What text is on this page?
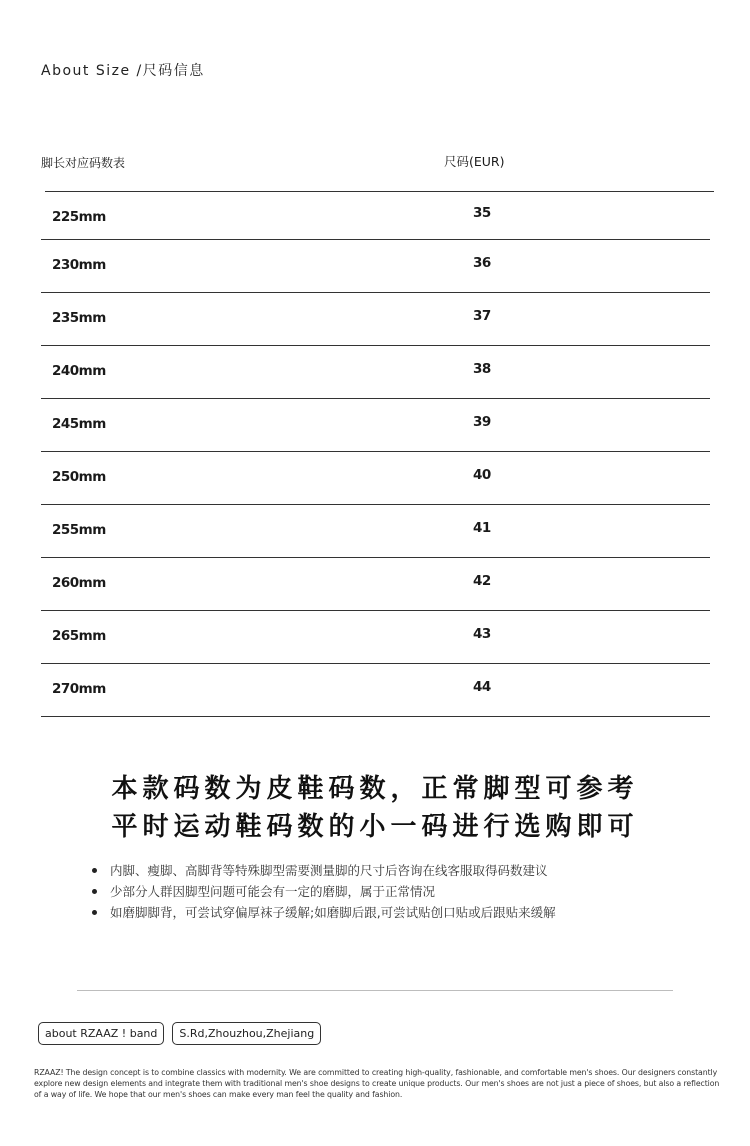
About Size /尺码信息
脚长对应码数表	尺码(EUR)
225mm	35
230mm	36
235mm	37
240mm	38
245mm	39
250mm	40
255mm	41
260mm	42
265mm	43
270mm	44
本款码数为皮鞋码数，正常脚型可参考
平时运动鞋码数的小一码进行选购即可
内脚、瘦脚、高脚背等特殊脚型需要测量脚的尺寸后咨询在线客服取得码数建议
少部分人群因脚型问题可能会有一定的磨脚，属于正常情况
如磨脚脚背，可尝试穿偏厚袜子缓解;如磨脚后跟,可尝试贴创口贴或后跟贴来缓解
about RZAAZ ! band	S.Rd,Zhouzhou,Zhejiang
RZAAZ! The design concept is to combine classics with modernity. We are committed to creating high-quality, fashionable, and comfortable men's shoes. Our designers constantly explore new design elements and integrate them with traditional men's shoe designs to create unique products. Our men's shoes are not just a piece of shoes, but also a reflection of a way of life. We hope that our men's shoes can make every man feel the quality and fashion.
